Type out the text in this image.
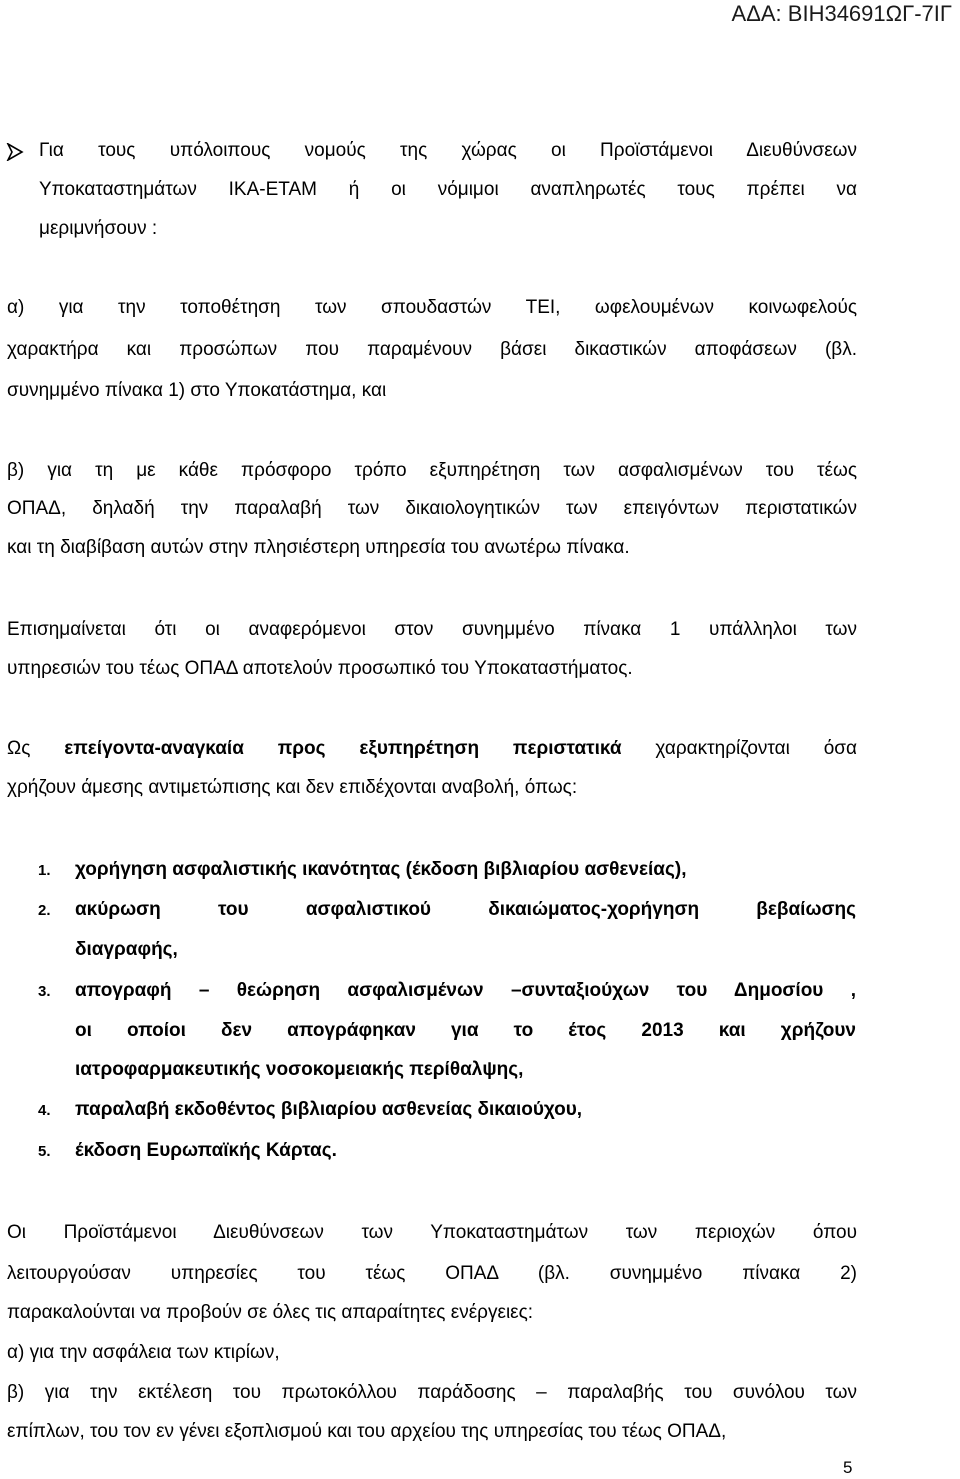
ΑΔΑ: ΒΙΗ34691ΩΓ-7ΙΓ
Για τους υπόλοιπους νομούς της χώρας οι Προϊστάμενοι Διευθύνσεων
Υποκαταστημάτων ΙΚΑ-ΕΤΑΜ ή οι νόμιμοι αναπληρωτές τους πρέπει να
μεριμνήσουν :
α) για την τοποθέτηση των σπουδαστών ΤΕΙ, ωφελουμένων κοινωφελούς
χαρακτήρα και προσώπων που παραμένουν βάσει δικαστικών αποφάσεων (βλ.
συνημμένο πίνακα 1) στο Υποκατάστημα, και
β) για τη με κάθε πρόσφορο τρόπο εξυπηρέτηση των ασφαλισμένων του τέως
ΟΠΑΔ, δηλαδή την παραλαβή των δικαιολογητικών των επειγόντων περιστατικών
και τη διαβίβαση αυτών στην πλησιέστερη υπηρεσία του ανωτέρω πίνακα.
Επισημαίνεται ότι οι αναφερόμενοι στον συνημμένο πίνακα 1 υπάλληλοι των
υπηρεσιών του τέως ΟΠΑΔ αποτελούν προσωπικό του Υποκαταστήματος.
Ως επείγοντα-αναγκαία προς εξυπηρέτηση περιστατικά χαρακτηρίζονται όσα
χρήζουν άμεσης αντιμετώπισης και δεν επιδέχονται αναβολή, όπως:
1. χορήγηση ασφαλιστικής ικανότητας (έκδοση βιβλιαρίου ασθενείας),
2. ακύρωση του ασφαλιστικού δικαιώματος-χορήγηση βεβαίωσης
διαγραφής,
3. απογραφή – θεώρηση ασφαλισμένων –συνταξιούχων του Δημοσίου ,
οι οποίοι δεν απογράφηκαν για το έτος 2013 και χρήζουν
ιατροφαρμακευτικής νοσοκομειακής περίθαλψης,
4. παραλαβή εκδοθέντος βιβλιαρίου ασθενείας δικαιούχου,
5. έκδοση Ευρωπαϊκής Κάρτας.
Οι Προϊστάμενοι Διευθύνσεων των Υποκαταστημάτων των περιοχών όπου
λειτουργούσαν υπηρεσίες του τέως ΟΠΑΔ (βλ. συνημμένο πίνακα 2)
παρακαλούνται να προβούν σε όλες τις απαραίτητες ενέργειες:
α) για την ασφάλεια των κτιρίων,
β) για την εκτέλεση του πρωτοκόλλου παράδοσης – παραλαβής του συνόλου των
επίπλων, του τον εν γένει εξοπλισμού και του αρχείου της υπηρεσίας του τέως ΟΠΑΔ,
5
